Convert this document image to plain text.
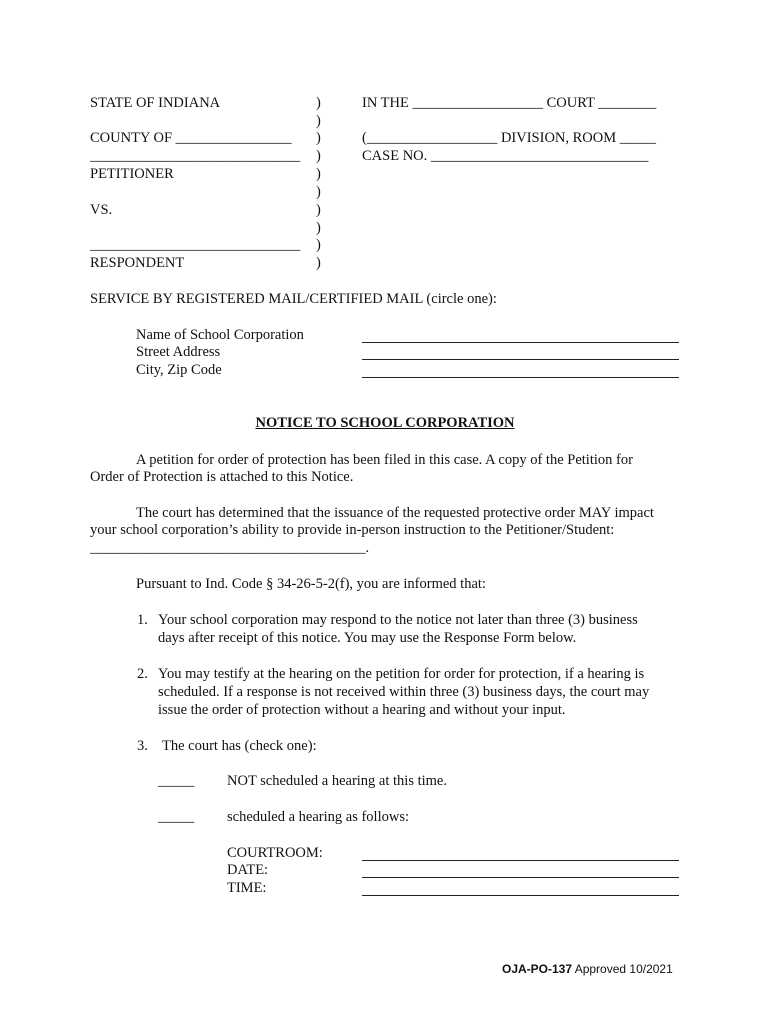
STATE OF INDIANA
COUNTY OF ________________
_____________________________
PETITIONER
VS.
_____________________________
RESPONDENT
)
)
)
)
)
)
)
)
)
)
IN THE __________________ COURT ________
(__________________ DIVISION, ROOM _____
CASE NO. ______________________________
SERVICE BY REGISTERED MAIL/CERTIFIED MAIL (circle one):
Name of School Corporation
Street Address
City, Zip Code
NOTICE TO SCHOOL CORPORATION
A petition for order of protection has been filed in this case. A copy of the Petition for
Order of Protection is attached to this Notice.
The court has determined that the issuance of the requested protective order MAY impact
your school corporation’s ability to provide in-person instruction to the Petitioner/Student:
______________________________________.
Pursuant to Ind. Code § 34-26-5-2(f), you are informed that:
1. Your school corporation may respond to the notice not later than three (3) business
days after receipt of this notice. You may use the Response Form below.
2. You may testify at the hearing on the petition for order for protection, if a hearing is
scheduled. If a response is not received within three (3) business days, the court may
issue the order of protection without a hearing and without your input.
3. The court has (check one):
_____ NOT scheduled a hearing at this time.
_____ scheduled a hearing as follows:
COURTROOM:
DATE:
TIME:
OJA-PO-137 Approved 10/2021
